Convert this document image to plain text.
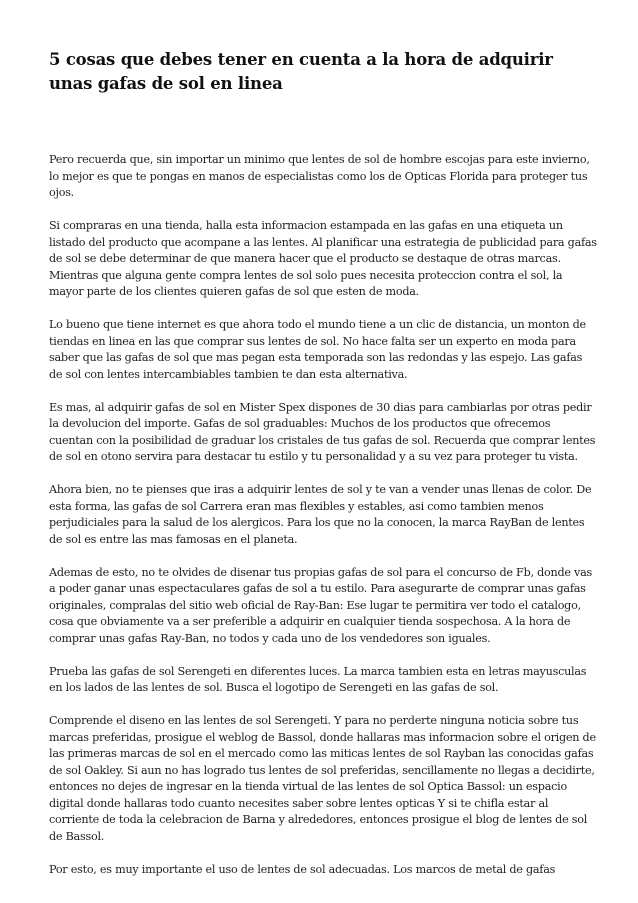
5 cosas que debes tener en cuenta a la hora de adquirir unas gafas de sol en linea

Pero recuerda que, sin importar un minimo que lentes de sol de hombre escojas para este invierno, lo mejor es que te pongas en manos de especialistas como los de Opticas Florida para proteger tus ojos.

Si compraras en una tienda, halla esta informacion estampada en las gafas en una etiqueta un listado del producto que acompane a las lentes. Al planificar una estrategia de publicidad para gafas de sol se debe determinar de que manera hacer que el producto se destaque de otras marcas. Mientras que alguna gente compra lentes de sol solo pues necesita proteccion contra el sol, la mayor parte de los clientes quieren gafas de sol que esten de moda.

Lo bueno que tiene internet es que ahora todo el mundo tiene a un clic de distancia, un monton de tiendas en linea en las que comprar sus lentes de sol. No hace falta ser un experto en moda para saber que las gafas de sol que mas pegan esta temporada son las redondas y las espejo. Las gafas de sol con lentes intercambiables tambien te dan esta alternativa.

Es mas, al adquirir gafas de sol en Mister Spex dispones de 30 dias para cambiarlas por otras pedir la devolucion del importe. Gafas de sol graduables: Muchos de los productos que ofrecemos cuentan con la posibilidad de graduar los cristales de tus gafas de sol. Recuerda que comprar lentes de sol en otono servira para destacar tu estilo y tu personalidad y a su vez para proteger tu vista.

Ahora bien, no te pienses que iras a adquirir lentes de sol y te van a vender unas llenas de color. De esta forma, las gafas de sol Carrera eran mas flexibles y estables, asi como tambien menos perjudiciales para la salud de los alergicos. Para los que no la conocen, la marca RayBan de lentes de sol es entre las mas famosas en el planeta.

Ademas de esto, no te olvides de disenar tus propias gafas de sol para el concurso de Fb, donde vas a poder ganar unas espectaculares gafas de sol a tu estilo. Para asegurarte de comprar unas gafas originales, compralas del sitio web oficial de Ray-Ban: Ese lugar te permitira ver todo el catalogo, cosa que obviamente va a ser preferible a adquirir en cualquier tienda sospechosa. A la hora de comprar unas gafas Ray-Ban, no todos y cada uno de los vendedores son iguales.

Prueba las gafas de sol Serengeti en diferentes luces. La marca tambien esta en letras mayusculas en los lados de las lentes de sol. Busca el logotipo de Serengeti en las gafas de sol.

Comprende el diseno en las lentes de sol Serengeti. Y para no perderte ninguna noticia sobre tus marcas preferidas, prosigue el weblog de Bassol, donde hallaras mas informacion sobre el origen de las primeras marcas de sol en el mercado como las miticas lentes de sol Rayban las conocidas gafas de sol Oakley. Si aun no has logrado tus lentes de sol preferidas, sencillamente no llegas a decidirte, entonces no dejes de ingresar en la tienda virtual de las lentes de sol Optica Bassol: un espacio digital donde hallaras todo cuanto necesites saber sobre lentes opticas Y si te chifla estar al corriente de toda la celebracion de Barna y alrededores, entonces prosigue el blog de lentes de sol de Bassol.

Por esto, es muy importante el uso de lentes de sol adecuadas. Los marcos de metal de gafas
